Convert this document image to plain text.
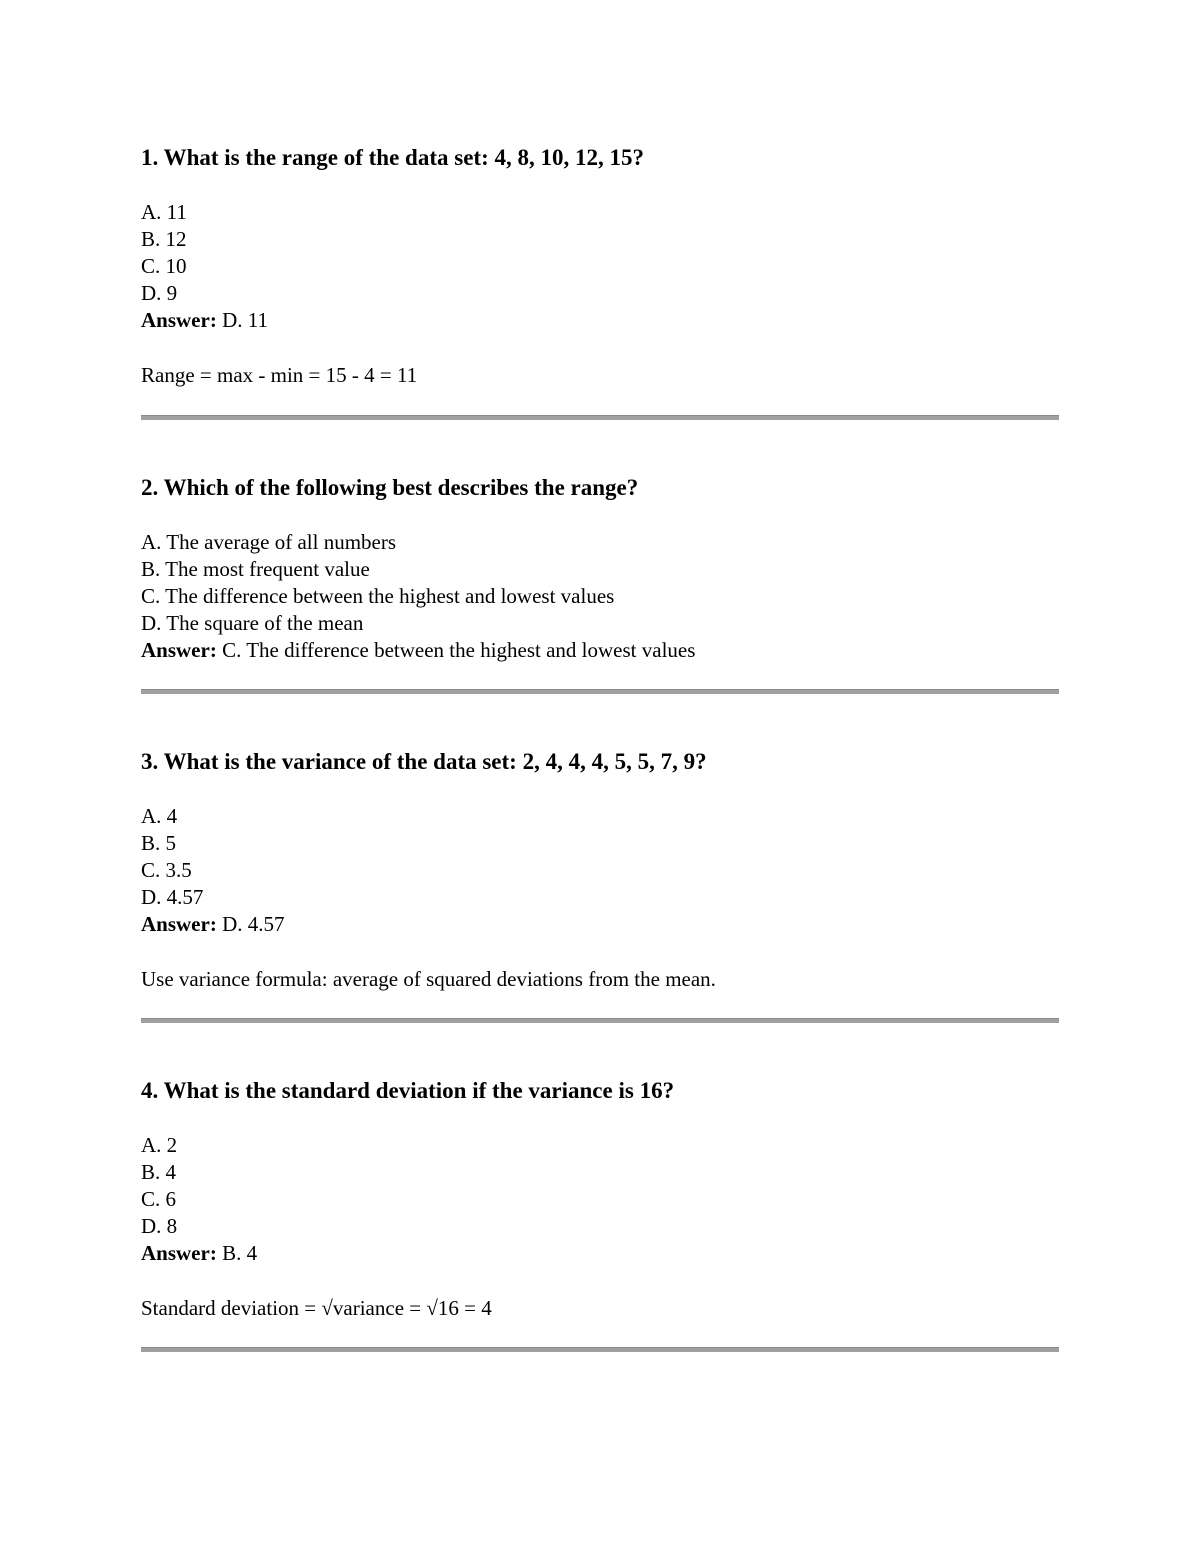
1. What is the range of the data set: 4, 8, 10, 12, 15?

A. 11
B. 12
C. 10
D. 9
Answer: D. 11
Range = max - min = 15 - 4 = 11

2. Which of the following best describes the range?

A. The average of all numbers
B. The most frequent value
C. The difference between the highest and lowest values
D. The square of the mean
Answer: C. The difference between the highest and lowest values

3. What is the variance of the data set: 2, 4, 4, 4, 5, 5, 7, 9?

A. 4
B. 5
C. 3.5
D. 4.57
Answer: D. 4.57
Use variance formula: average of squared deviations from the mean.

4. What is the standard deviation if the variance is 16?

A. 2
B. 4
C. 6
D. 8
Answer: B. 4
Standard deviation = √variance = √16 = 4
